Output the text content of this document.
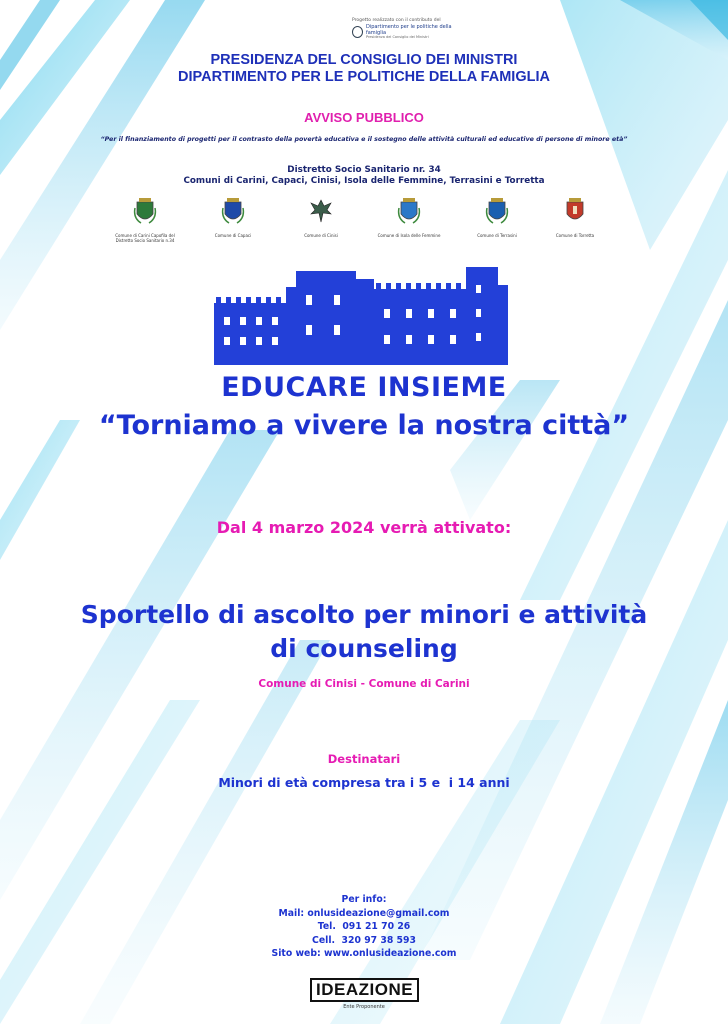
Progetto realizzato con il contributo del
Dipartimento per le politiche della famiglia
Presidenza del Consiglio dei Ministri
PRESIDENZA DEL CONSIGLIO DEI MINISTRI
DIPARTIMENTO PER LE POLITICHE DELLA FAMIGLIA
AVVISO PUBBLICO
“Per il finanziamento di progetti per il contrasto della povertà educativa e il sostegno delle attività culturali ed educative di persone di minore età”
Distretto Socio Sanitario nr. 34
Comuni di Carini, Capaci, Cinisi, Isola delle Femmine, Terrasini e Torretta
Comune di Carini Capofila del Distretto Socio Sanitario n.34
Comune di Capaci	Comune di Cinisi	Comune di Isola delle Femmine	Comune di Terrasini	Comune di Torretta
EDUCARE INSIEME
“Torniamo a vivere la nostra città”
Dal 4 marzo 2024 verrà attivato:
Sportello di ascolto per minori e attività
di counseling
Comune di Cinisi - Comune di Carini
Destinatari
Minori di età compresa tra i 5 e  i 14 anni
Per info:
Mail: onlusideazione@gmail.com
Tel.  091 21 70 26
Cell.  320 97 38 593
Sito web: www.onlusideazione.com
IDEAZIONE
Ente Proponente
